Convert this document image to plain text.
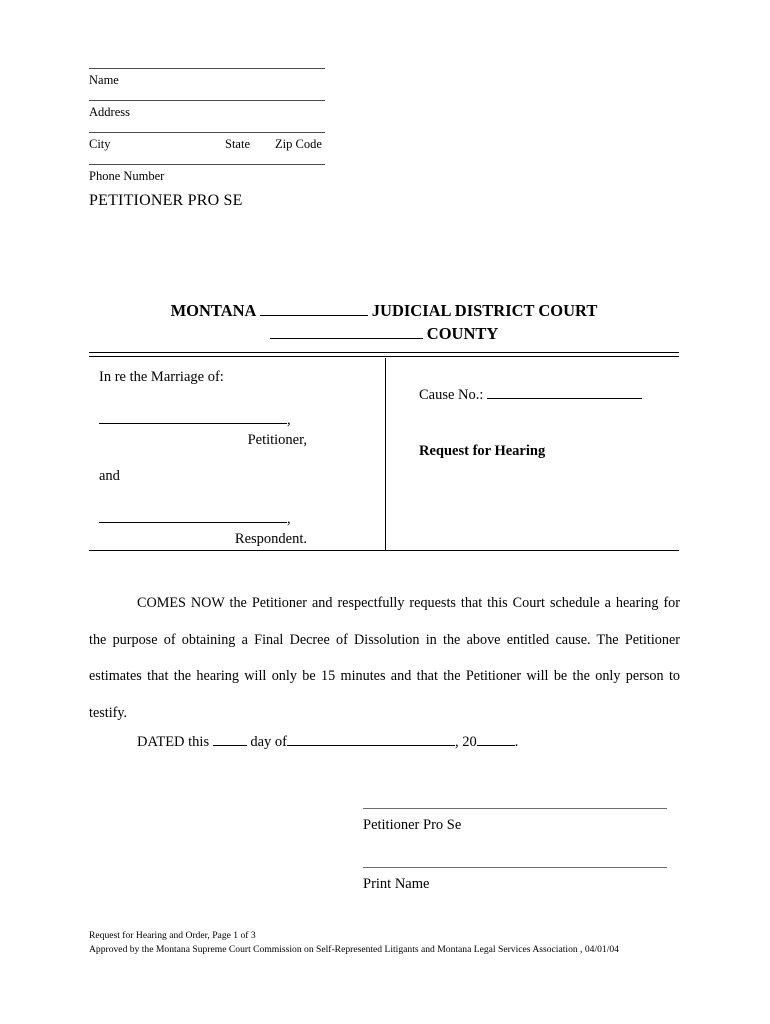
Name
Address
City	State Zip Code
Phone Number
PETITIONER PRO SE
MONTANA	JUDICIAL DISTRICT COURT
COUNTY
In re the Marriage of:
,
Petitioner,
and
,
Respondent.
Cause No.:
Request for Hearing
COMES NOW the Petitioner and respectfully requests that this Court schedule a hearing for the purpose of obtaining a Final Decree of Dissolution in the above entitled cause. The Petitioner estimates that the hearing will only be 15 minutes and that the Petitioner will be the only person to testify.
DATED this	day of	, 20	.
Petitioner Pro Se
Print Name
Request for Hearing and Order, Page 1 of 3
Approved by the Montana Supreme Court Commission on Self-Represented Litigants and Montana Legal Services Association , 04/01/04
